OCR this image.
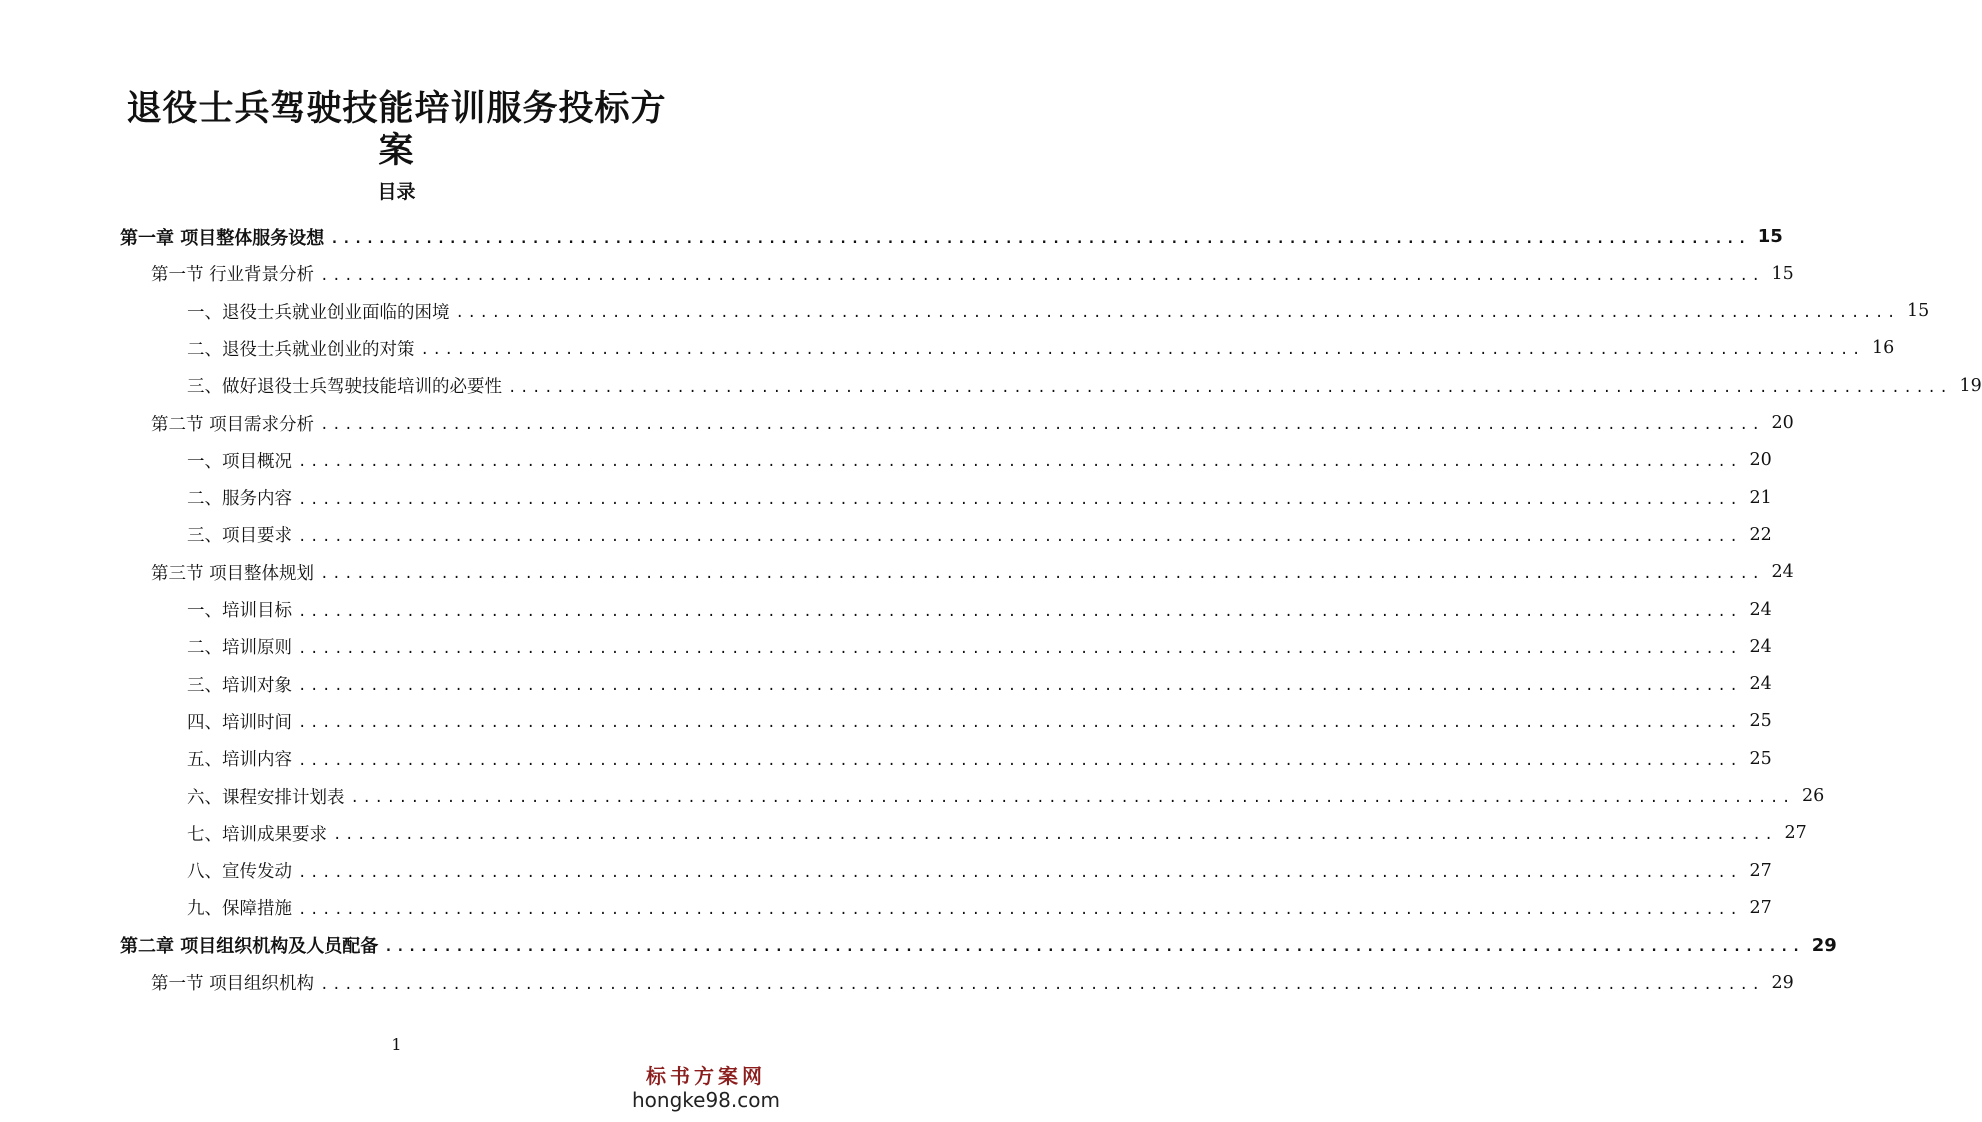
退役士兵驾驶技能培训服务投标方案
目录
第一章 项目整体服务设想 ........................................................................................................................ 15
第一节 行业背景分析 ........................................................................................................................ 15
一、退役士兵就业创业面临的困境 ........................................................................................................................ 15
二、退役士兵就业创业的对策 ........................................................................................................................ 16
三、做好退役士兵驾驶技能培训的必要性 ........................................................................................................................ 19
第二节 项目需求分析 ........................................................................................................................ 20
一、项目概况 ........................................................................................................................ 20
二、服务内容 ........................................................................................................................ 21
三、项目要求 ........................................................................................................................ 22
第三节 项目整体规划 ........................................................................................................................ 24
一、培训目标 ........................................................................................................................ 24
二、培训原则 ........................................................................................................................ 24
三、培训对象 ........................................................................................................................ 24
四、培训时间 ........................................................................................................................ 25
五、培训内容 ........................................................................................................................ 25
六、课程安排计划表 ........................................................................................................................ 26
七、培训成果要求 ........................................................................................................................ 27
八、宣传发动 ........................................................................................................................ 27
九、保障措施 ........................................................................................................................ 27
第二章 项目组织机构及人员配备 ........................................................................................................................ 29
第一节 项目组织机构 ........................................................................................................................ 29
1
标书方案网
hongke98.com
